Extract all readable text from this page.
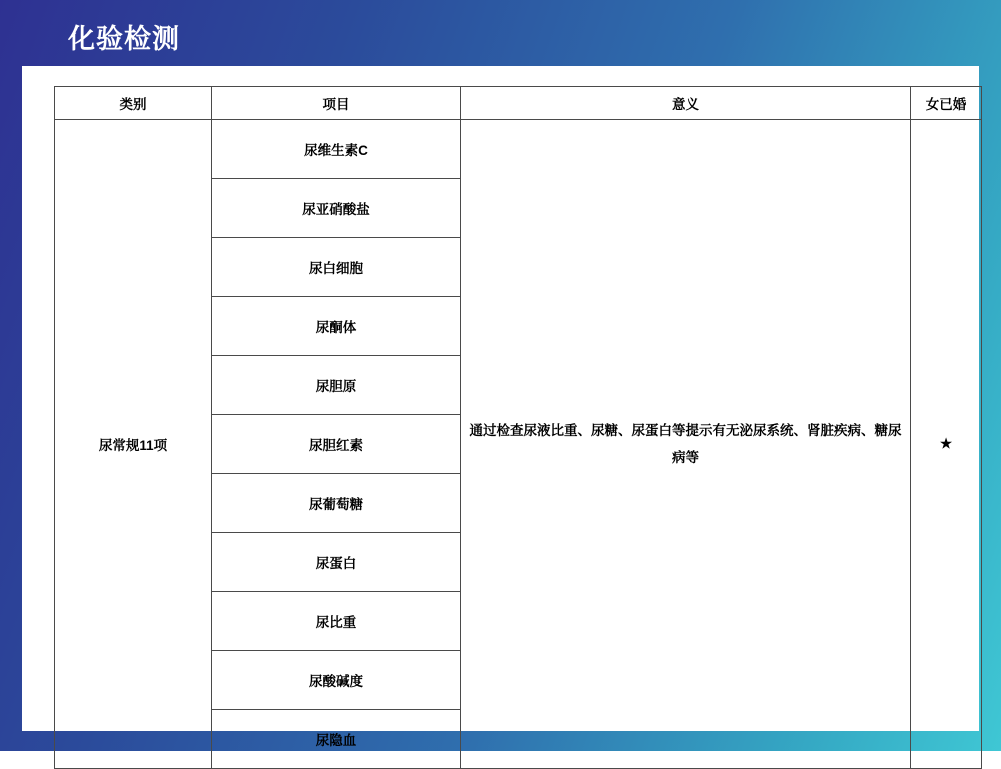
化验检测
类别	项目	意义	女已婚
尿常规11项	尿维生素C	通过检查尿液比重、尿糖、尿蛋白等提示有无泌尿系统、肾脏疾病、糖尿病等	★
	尿亚硝酸盐		
	尿白细胞		
	尿酮体		
	尿胆原		
	尿胆红素		
	尿葡萄糖		
	尿蛋白		
	尿比重		
	尿酸碱度		
	尿隐血		
